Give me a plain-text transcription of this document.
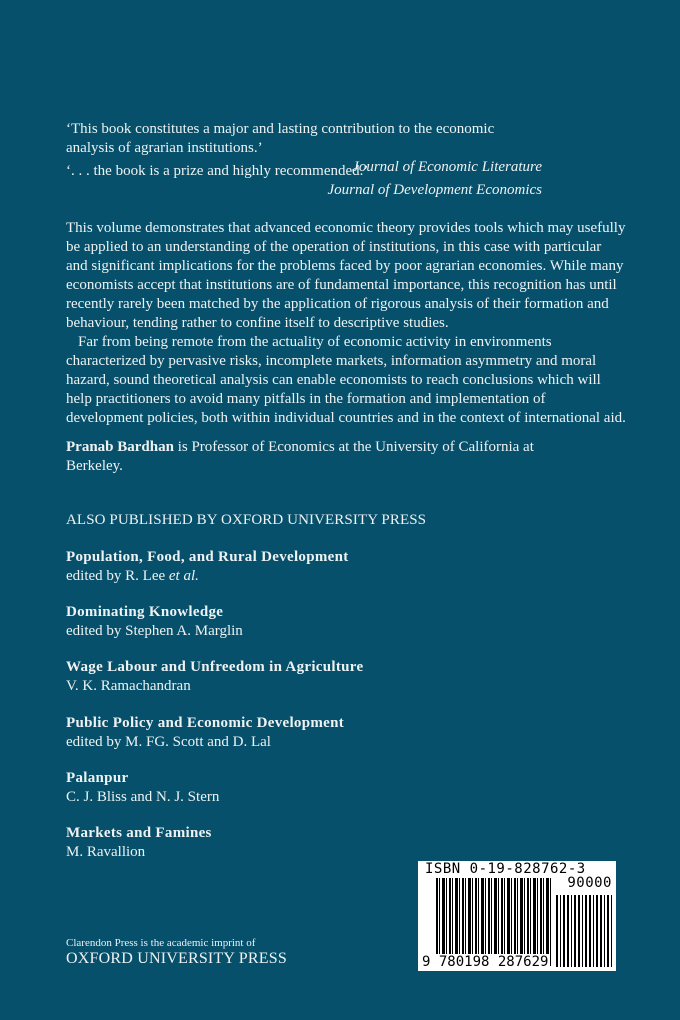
‘This book constitutes a major and lasting contribution to the economic analysis of agrarian institutions.’
Journal of Economic Literature
‘. . . the book is a prize and highly recommended.’
Journal of Development Economics

This volume demonstrates that advanced economic theory provides tools which may usefully be applied to an understanding of the operation of institutions, in this case with particular and significant implications for the problems faced by poor agrarian economies. While many economists accept that institutions are of fundamental importance, this recognition has until recently rarely been matched by the application of rigorous analysis of their formation and behaviour, tending rather to confine itself to descriptive studies.

Far from being remote from the actuality of economic activity in environments characterized by pervasive risks, incomplete markets, information asymmetry and moral hazard, sound theoretical analysis can enable economists to reach conclusions which will help practitioners to avoid many pitfalls in the formation and implementation of development policies, both within individual countries and in the context of international aid.

Pranab Bardhan is Professor of Economics at the University of California at Berkeley.
ALSO PUBLISHED BY OXFORD UNIVERSITY PRESS
Population, Food, and Rural Development
edited by R. Lee et al.
Dominating Knowledge
edited by Stephen A. Marglin
Wage Labour and Unfreedom in Agriculture
V. K. Ramachandran
Public Policy and Economic Development
edited by M. FG. Scott and D. Lal
Palanpur
C. J. Bliss and N. J. Stern
Markets and Famines
M. Ravallion
Clarendon Press is the academic imprint of
OXFORD UNIVERSITY PRESS
ISBN 0-19-828762-3
90000
9 780198 287629
